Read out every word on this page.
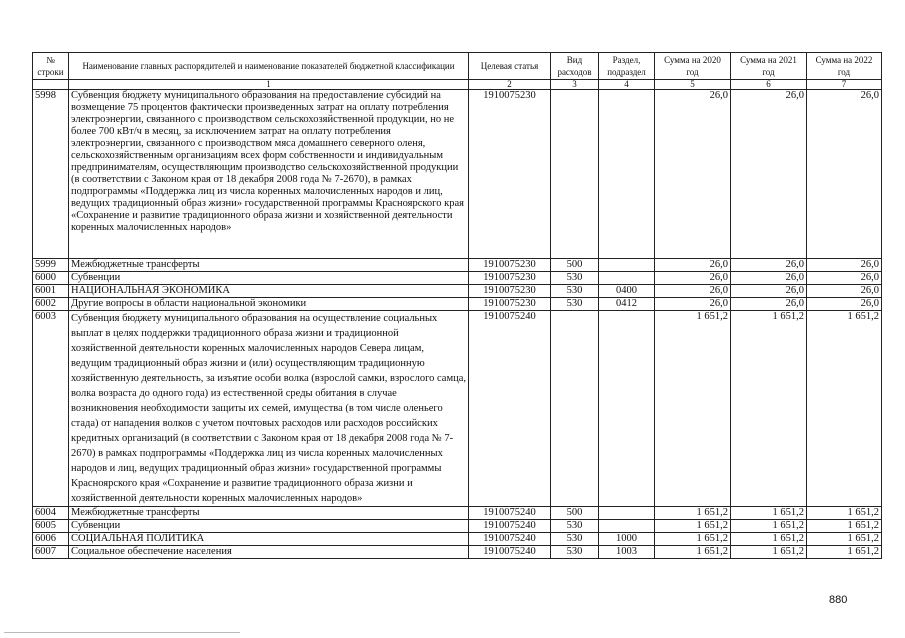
№ строки	Наименование главных распорядителей и наименование показателей бюджетной классификации	Целевая статья	Вид расходов	Раздел, подраздел	Сумма на 2020 год	Сумма на 2021 год	Сумма на 2022 год
	1	2	3	4	5	6	7
5998	Субвенция бюджету муниципального образования на предоставление субсидий на возмещение 75 процентов фактически произведенных затрат на оплату потребления электроэнергии, связанного с производством сельскохозяйственной продукции, но не более 700 кВт/ч в месяц, за исключением затрат на оплату потребления электроэнергии, связанного с производством мяса домашнего северного оленя, сельскохозяйственным организациям всех форм собственности и индивидуальным предпринимателям, осуществляющим производство сельскохозяйственной продукции (в соответствии с Законом края от 18 декабря 2008 года № 7-2670), в рамках подпрограммы «Поддержка лиц из числа коренных малочисленных народов и лиц, ведущих традиционный образ жизни» государственной программы Красноярского края «Сохранение и развитие традиционного образа жизни и хозяйственной деятельности коренных малочисленных народов»	1910075230			26,0	26,0	26,0
5999	Межбюджетные трансферты	1910075230	500		26,0	26,0	26,0
6000	Субвенции	1910075230	530		26,0	26,0	26,0
6001	НАЦИОНАЛЬНАЯ ЭКОНОМИКА	1910075230	530	0400	26,0	26,0	26,0
6002	Другие вопросы в области национальной экономики	1910075230	530	0412	26,0	26,0	26,0
6003	Субвенция бюджету муниципального образования на осуществление социальных выплат в целях поддержки традиционного образа жизни и традиционной хозяйственной деятельности коренных малочисленных народов Севера лицам, ведущим традиционный образ жизни и (или) осуществляющим традиционную хозяйственную деятельность, за изъятие особи волка (взрослой самки, взрослого самца, волка возраста до одного года) из естественной среды обитания в случае возникновения необходимости защиты их семей, имущества (в том числе оленьего стада) от нападения волков с учетом почтовых расходов или расходов российских кредитных организаций (в соответствии с Законом края от 18 декабря 2008 года № 7-2670) в рамках подпрограммы «Поддержка лиц из числа коренных малочисленных народов и лиц, ведущих традиционный образ жизни» государственной программы Красноярского края «Сохранение и развитие традиционного образа жизни и хозяйственной деятельности коренных малочисленных народов»	1910075240			1 651,2	1 651,2	1 651,2
6004	Межбюджетные трансферты	1910075240	500		1 651,2	1 651,2	1 651,2
6005	Субвенции	1910075240	530		1 651,2	1 651,2	1 651,2
6006	СОЦИАЛЬНАЯ ПОЛИТИКА	1910075240	530	1000	1 651,2	1 651,2	1 651,2
6007	Социальное обеспечение населения	1910075240	530	1003	1 651,2	1 651,2	1 651,2
880
